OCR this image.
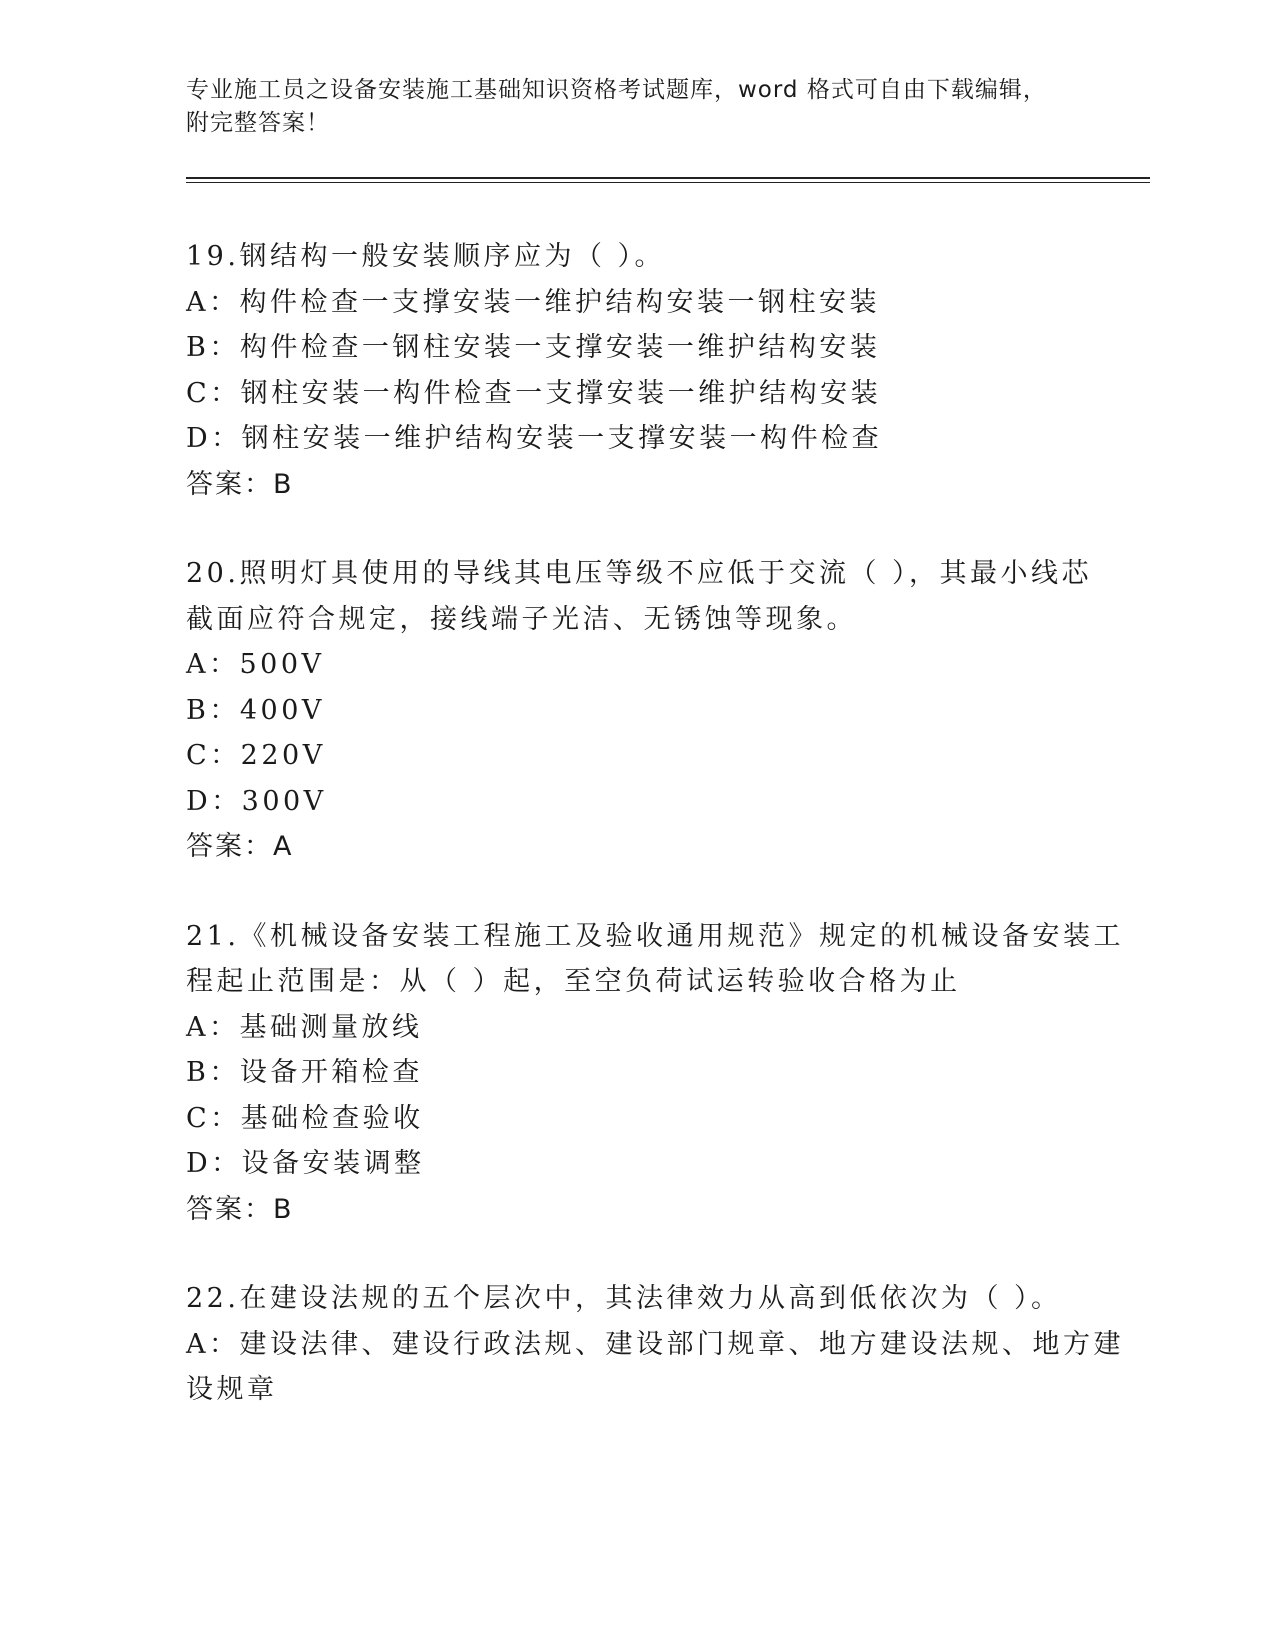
专业施工员之设备安装施工基础知识资格考试题库，word 格式可自由下载编辑，
附完整答案！
19.钢结构一般安装顺序应为（ ）。
A：构件检查一支撑安装一维护结构安装一钢柱安装
B：构件检查一钢柱安装一支撑安装一维护结构安装
C：钢柱安装一构件检查一支撑安装一维护结构安装
D：钢柱安装一维护结构安装一支撑安装一构件检查
答案：B
20.照明灯具使用的导线其电压等级不应低于交流（ ），其最小线芯
截面应符合规定，接线端子光洁、无锈蚀等现象。
A：500V
B：400V
C：220V
D：300V
答案：A
21.《机械设备安装工程施工及验收通用规范》规定的机械设备安装工
程起止范围是：从（ ）起，至空负荷试运转验收合格为止
A：基础测量放线
B：设备开箱检查
C：基础检查验收
D：设备安装调整
答案：B
22.在建设法规的五个层次中，其法律效力从高到低依次为（ ）。
A：建设法律、建设行政法规、建设部门规章、地方建设法规、地方建
设规章
